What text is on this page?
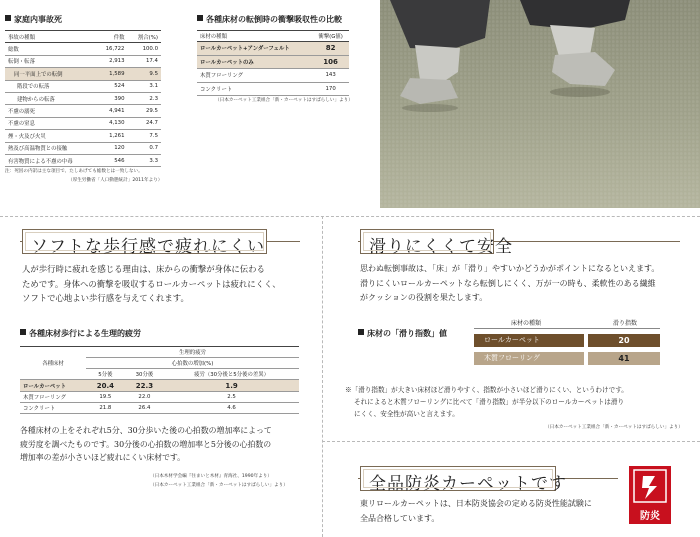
家庭内事故死
事故の種類	件数	割合(%)
総数	16,722	100.0
転倒・転落	2,913	17.4
同一平面上での転倒	1,589	9.5
階段での転落	524	3.1
建物からの転落	390	2.3
不慮の溺死	4,941	29.5
不慮の窒息	4,130	24.7
煙・火及び火災	1,261	7.5
熱及び高温物質との接触	120	0.7
有害物質による不慮の中毒	546	3.3
注：死因の内訳は主な項目で、たしあげても総数とは一致しない。
（厚生労働省「人口動態統計」2011年より）
各種床材の転倒時の衝撃吸収性の比較
床材の種類	衝撃(G値)
ロールカーペット+アンダーフェルト	82
ロールカーペットのみ	106
木質フローリング	143
コンクリート	170
（日本カーペット工業組合「新・カーペットはすばらしい」より）
ソフトな歩行感で疲れにくい
人が歩行時に疲れを感じる理由は、床からの衝撃が身体に伝わる
ためです。身体への衝撃を吸収するロールカーペットは疲れにくく、
ソフトで心地よい歩行感を与えてくれます。
各種床材歩行による生理的疲労
各種床材	生理的疲労		
	心拍数の増加(%)		
	5分後	30分後	疲労（30分後と5分後の差異）
ロールカーペット	20.4	22.3	1.9
木質フローリング	19.5	22.0	2.5
コンクリート	21.8	26.4	4.6
各種床材の上をそれぞれ5分、30分歩いた後の心拍数の増加率によって
疲労度を調べたものです。30分後の心拍数の増加率と5分後の心拍数の
増加率の差が小さいほど疲れにくい床材です。
（日本木材学会編『住まいと木材』青海社、1990年より）
（日本カーペット工業組合「新・カーペットはすばらしい」より）
滑りにくくて安全
思わぬ転倒事故は、「床」が「滑り」やすいかどうかがポイントになるといえます。
滑りにくいロールカーペットなら転倒しにくく、万が一の時も、柔軟性のある繊維
がクッションの役割を果たします。
床材の「滑り指数」値
床材の種類	滑り指数
ロールカーペット	20
木質フローリング	41
※「滑り指数」が大きい床材ほど滑りやすく、指数が小さいほど滑りにくい、というわけです。
それによると木質フローリングに比べて「滑り指数」が半分以下のロールカーペットは滑り
にくく、安全性が高いと言えます。
（日本カーペット工業組合「新・カーペットはすばらしい」より）
全品防炎カーペットです
東リロールカーペットは、日本防炎協会の定める防炎性能試験に
全品合格しています。	防炎
